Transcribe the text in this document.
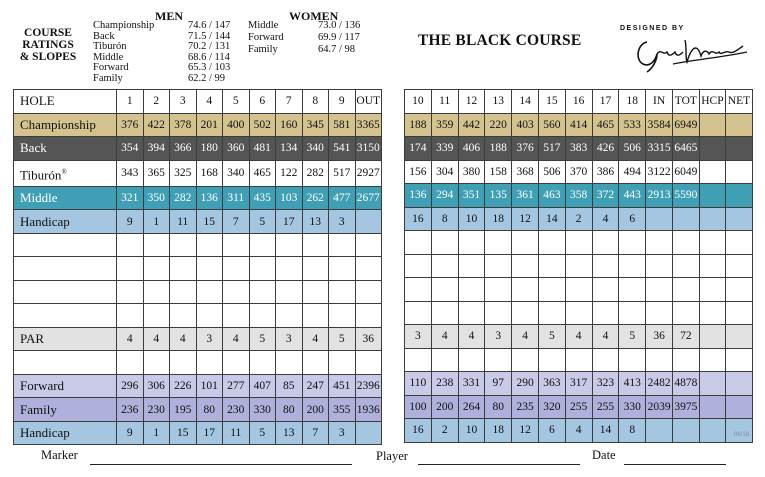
COURSE
RATINGS
& SLOPES
MEN	WOMEN
Championship	74.6 / 147
Back	71.5 / 144
Tiburón	70.2 / 131
Middle	68.6 / 114
Forward	65.3 / 103
Family	62.2 / 99
Middle	73.0 / 136
Forward	69.9 / 117
Family	64.7 / 98
THE BLACK COURSE
DESIGNED BY
HOLE	1	2	3	4	5	6	7	8	9	OUT
Championship	376	422	378	201	400	502	160	345	581	3365
Back	354	394	366	180	360	481	134	340	541	3150
Tiburón®	343	365	325	168	340	465	122	282	517	2927
Middle	321	350	282	136	311	435	103	262	477	2677
Handicap	9	1	11	15	7	5	17	13	3	

PAR	4	4	4	3	4	5	3	4	5	36

Forward	296	306	226	101	277	407	85	247	451	2396
Family	236	230	195	80	230	330	80	200	355	1936
Handicap	9	1	15	17	11	5	13	7	3	
10	11	12	13	14	15	16	17	18	IN	TOT	HCP	NET
188	359	442	220	403	560	414	465	533	3584	6949		
174	339	406	188	376	517	383	426	506	3315	6465		
156	304	380	158	368	506	370	386	494	3122	6049		
136	294	351	135	361	463	358	372	443	2913	5590		
16	8	10	18	12	14	2	4	6				

3	4	4	3	4	5	4	4	5	36	72		

110	238	331	97	290	363	317	323	413	2482	4878		
100	200	264	80	235	320	255	255	330	2039	3975		
16	2	10	18	12	6	4	14	8					06/18
Marker	Player	Date
